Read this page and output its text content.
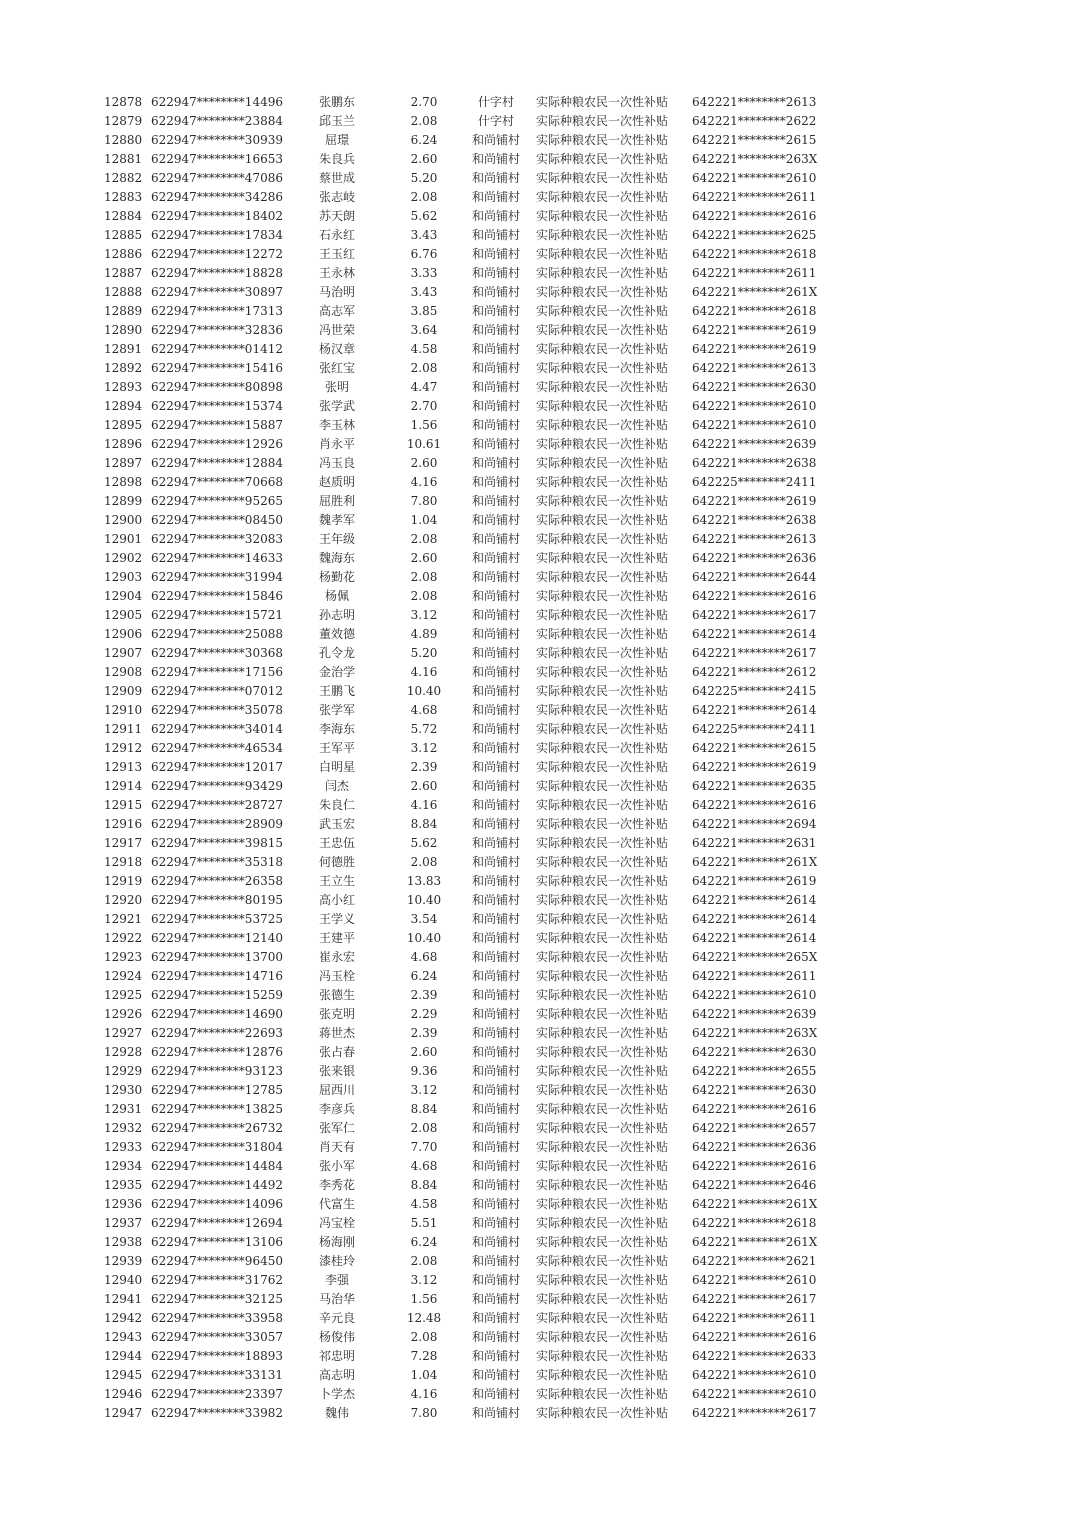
12878 622947********14496	张鹏东	2.70	什字村	实际种粮农民一次性补贴	642221********2613
12879 622947********23884	邱玉兰	2.08	什字村	实际种粮农民一次性补贴	642221********2622
12880 622947********30939	屈璟	6.24	和尚铺村	实际种粮农民一次性补贴	642221********2615
12881 622947********16653	朱良兵	2.60	和尚铺村	实际种粮农民一次性补贴	642221********263X
12882 622947********47086	蔡世成	5.20	和尚铺村	实际种粮农民一次性补贴	642221********2610
12883 622947********34286	张志岐	2.08	和尚铺村	实际种粮农民一次性补贴	642221********2611
12884 622947********18402	苏天朗	5.62	和尚铺村	实际种粮农民一次性补贴	642221********2616
12885 622947********17834	石永红	3.43	和尚铺村	实际种粮农民一次性补贴	642221********2625
12886 622947********12272	王玉红	6.76	和尚铺村	实际种粮农民一次性补贴	642221********2618
12887 622947********18828	王永林	3.33	和尚铺村	实际种粮农民一次性补贴	642221********2611
12888 622947********30897	马治明	3.43	和尚铺村	实际种粮农民一次性补贴	642221********261X
12889 622947********17313	高志军	3.85	和尚铺村	实际种粮农民一次性补贴	642221********2618
12890 622947********32836	冯世荣	3.64	和尚铺村	实际种粮农民一次性补贴	642221********2619
12891 622947********01412	杨汉章	4.58	和尚铺村	实际种粮农民一次性补贴	642221********2619
12892 622947********15416	张红宝	2.08	和尚铺村	实际种粮农民一次性补贴	642221********2613
12893 622947********80898	张明	4.47	和尚铺村	实际种粮农民一次性补贴	642221********2630
12894 622947********15374	张学武	2.70	和尚铺村	实际种粮农民一次性补贴	642221********2610
12895 622947********15887	李玉林	1.56	和尚铺村	实际种粮农民一次性补贴	642221********2610
12896 622947********12926	肖永平	10.61	和尚铺村	实际种粮农民一次性补贴	642221********2639
12897 622947********12884	冯玉良	2.60	和尚铺村	实际种粮农民一次性补贴	642221********2638
12898 622947********70668	赵质明	4.16	和尚铺村	实际种粮农民一次性补贴	642225********2411
12899 622947********95265	屈胜利	7.80	和尚铺村	实际种粮农民一次性补贴	642221********2619
12900 622947********08450	魏孝军	1.04	和尚铺村	实际种粮农民一次性补贴	642221********2638
12901 622947********32083	王年级	2.08	和尚铺村	实际种粮农民一次性补贴	642221********2613
12902 622947********14633	魏海东	2.60	和尚铺村	实际种粮农民一次性补贴	642221********2636
12903 622947********31994	杨勤花	2.08	和尚铺村	实际种粮农民一次性补贴	642221********2644
12904 622947********15846	杨佩	2.08	和尚铺村	实际种粮农民一次性补贴	642221********2616
12905 622947********15721	孙志明	3.12	和尚铺村	实际种粮农民一次性补贴	642221********2617
12906 622947********25088	董效德	4.89	和尚铺村	实际种粮农民一次性补贴	642221********2614
12907 622947********30368	孔令龙	5.20	和尚铺村	实际种粮农民一次性补贴	642221********2617
12908 622947********17156	金治学	4.16	和尚铺村	实际种粮农民一次性补贴	642221********2612
12909 622947********07012	王鹏飞	10.40	和尚铺村	实际种粮农民一次性补贴	642225********2415
12910 622947********35078	张学军	4.68	和尚铺村	实际种粮农民一次性补贴	642221********2614
12911 622947********34014	李海东	5.72	和尚铺村	实际种粮农民一次性补贴	642225********2411
12912 622947********46534	王军平	3.12	和尚铺村	实际种粮农民一次性补贴	642221********2615
12913 622947********12017	白明星	2.39	和尚铺村	实际种粮农民一次性补贴	642221********2619
12914 622947********93429	闫杰	2.60	和尚铺村	实际种粮农民一次性补贴	642221********2635
12915 622947********28727	朱良仁	4.16	和尚铺村	实际种粮农民一次性补贴	642221********2616
12916 622947********28909	武玉宏	8.84	和尚铺村	实际种粮农民一次性补贴	642221********2694
12917 622947********39815	王忠伍	5.62	和尚铺村	实际种粮农民一次性补贴	642221********2631
12918 622947********35318	何德胜	2.08	和尚铺村	实际种粮农民一次性补贴	642221********261X
12919 622947********26358	王立生	13.83	和尚铺村	实际种粮农民一次性补贴	642221********2619
12920 622947********80195	高小红	10.40	和尚铺村	实际种粮农民一次性补贴	642221********2614
12921 622947********53725	王学义	3.54	和尚铺村	实际种粮农民一次性补贴	642221********2614
12922 622947********12140	王建平	10.40	和尚铺村	实际种粮农民一次性补贴	642221********2614
12923 622947********13700	崔永宏	4.68	和尚铺村	实际种粮农民一次性补贴	642221********265X
12924 622947********14716	冯玉栓	6.24	和尚铺村	实际种粮农民一次性补贴	642221********2611
12925 622947********15259	张德生	2.39	和尚铺村	实际种粮农民一次性补贴	642221********2610
12926 622947********14690	张克明	2.29	和尚铺村	实际种粮农民一次性补贴	642221********2639
12927 622947********22693	蒋世杰	2.39	和尚铺村	实际种粮农民一次性补贴	642221********263X
12928 622947********12876	张占春	2.60	和尚铺村	实际种粮农民一次性补贴	642221********2630
12929 622947********93123	张来银	9.36	和尚铺村	实际种粮农民一次性补贴	642221********2655
12930 622947********12785	屈西川	3.12	和尚铺村	实际种粮农民一次性补贴	642221********2630
12931 622947********13825	李彦兵	8.84	和尚铺村	实际种粮农民一次性补贴	642221********2616
12932 622947********26732	张军仁	2.08	和尚铺村	实际种粮农民一次性补贴	642221********2657
12933 622947********31804	肖天有	7.70	和尚铺村	实际种粮农民一次性补贴	642221********2636
12934 622947********14484	张小军	4.68	和尚铺村	实际种粮农民一次性补贴	642221********2616
12935 622947********14492	李秀花	8.84	和尚铺村	实际种粮农民一次性补贴	642221********2646
12936 622947********14096	代富生	4.58	和尚铺村	实际种粮农民一次性补贴	642221********261X
12937 622947********12694	冯宝栓	5.51	和尚铺村	实际种粮农民一次性补贴	642221********2618
12938 622947********13106	杨海刚	6.24	和尚铺村	实际种粮农民一次性补贴	642221********261X
12939 622947********96450	漆桂玲	2.08	和尚铺村	实际种粮农民一次性补贴	642221********2621
12940 622947********31762	李强	3.12	和尚铺村	实际种粮农民一次性补贴	642221********2610
12941 622947********32125	马治华	1.56	和尚铺村	实际种粮农民一次性补贴	642221********2617
12942 622947********33958	辛元良	12.48	和尚铺村	实际种粮农民一次性补贴	642221********2611
12943 622947********33057	杨俊伟	2.08	和尚铺村	实际种粮农民一次性补贴	642221********2616
12944 622947********18893	祁忠明	7.28	和尚铺村	实际种粮农民一次性补贴	642221********2633
12945 622947********33131	高志明	1.04	和尚铺村	实际种粮农民一次性补贴	642221********2610
12946 622947********23397	卜学杰	4.16	和尚铺村	实际种粮农民一次性补贴	642221********2610
12947 622947********33982	魏伟	7.80	和尚铺村	实际种粮农民一次性补贴	642221********2617
